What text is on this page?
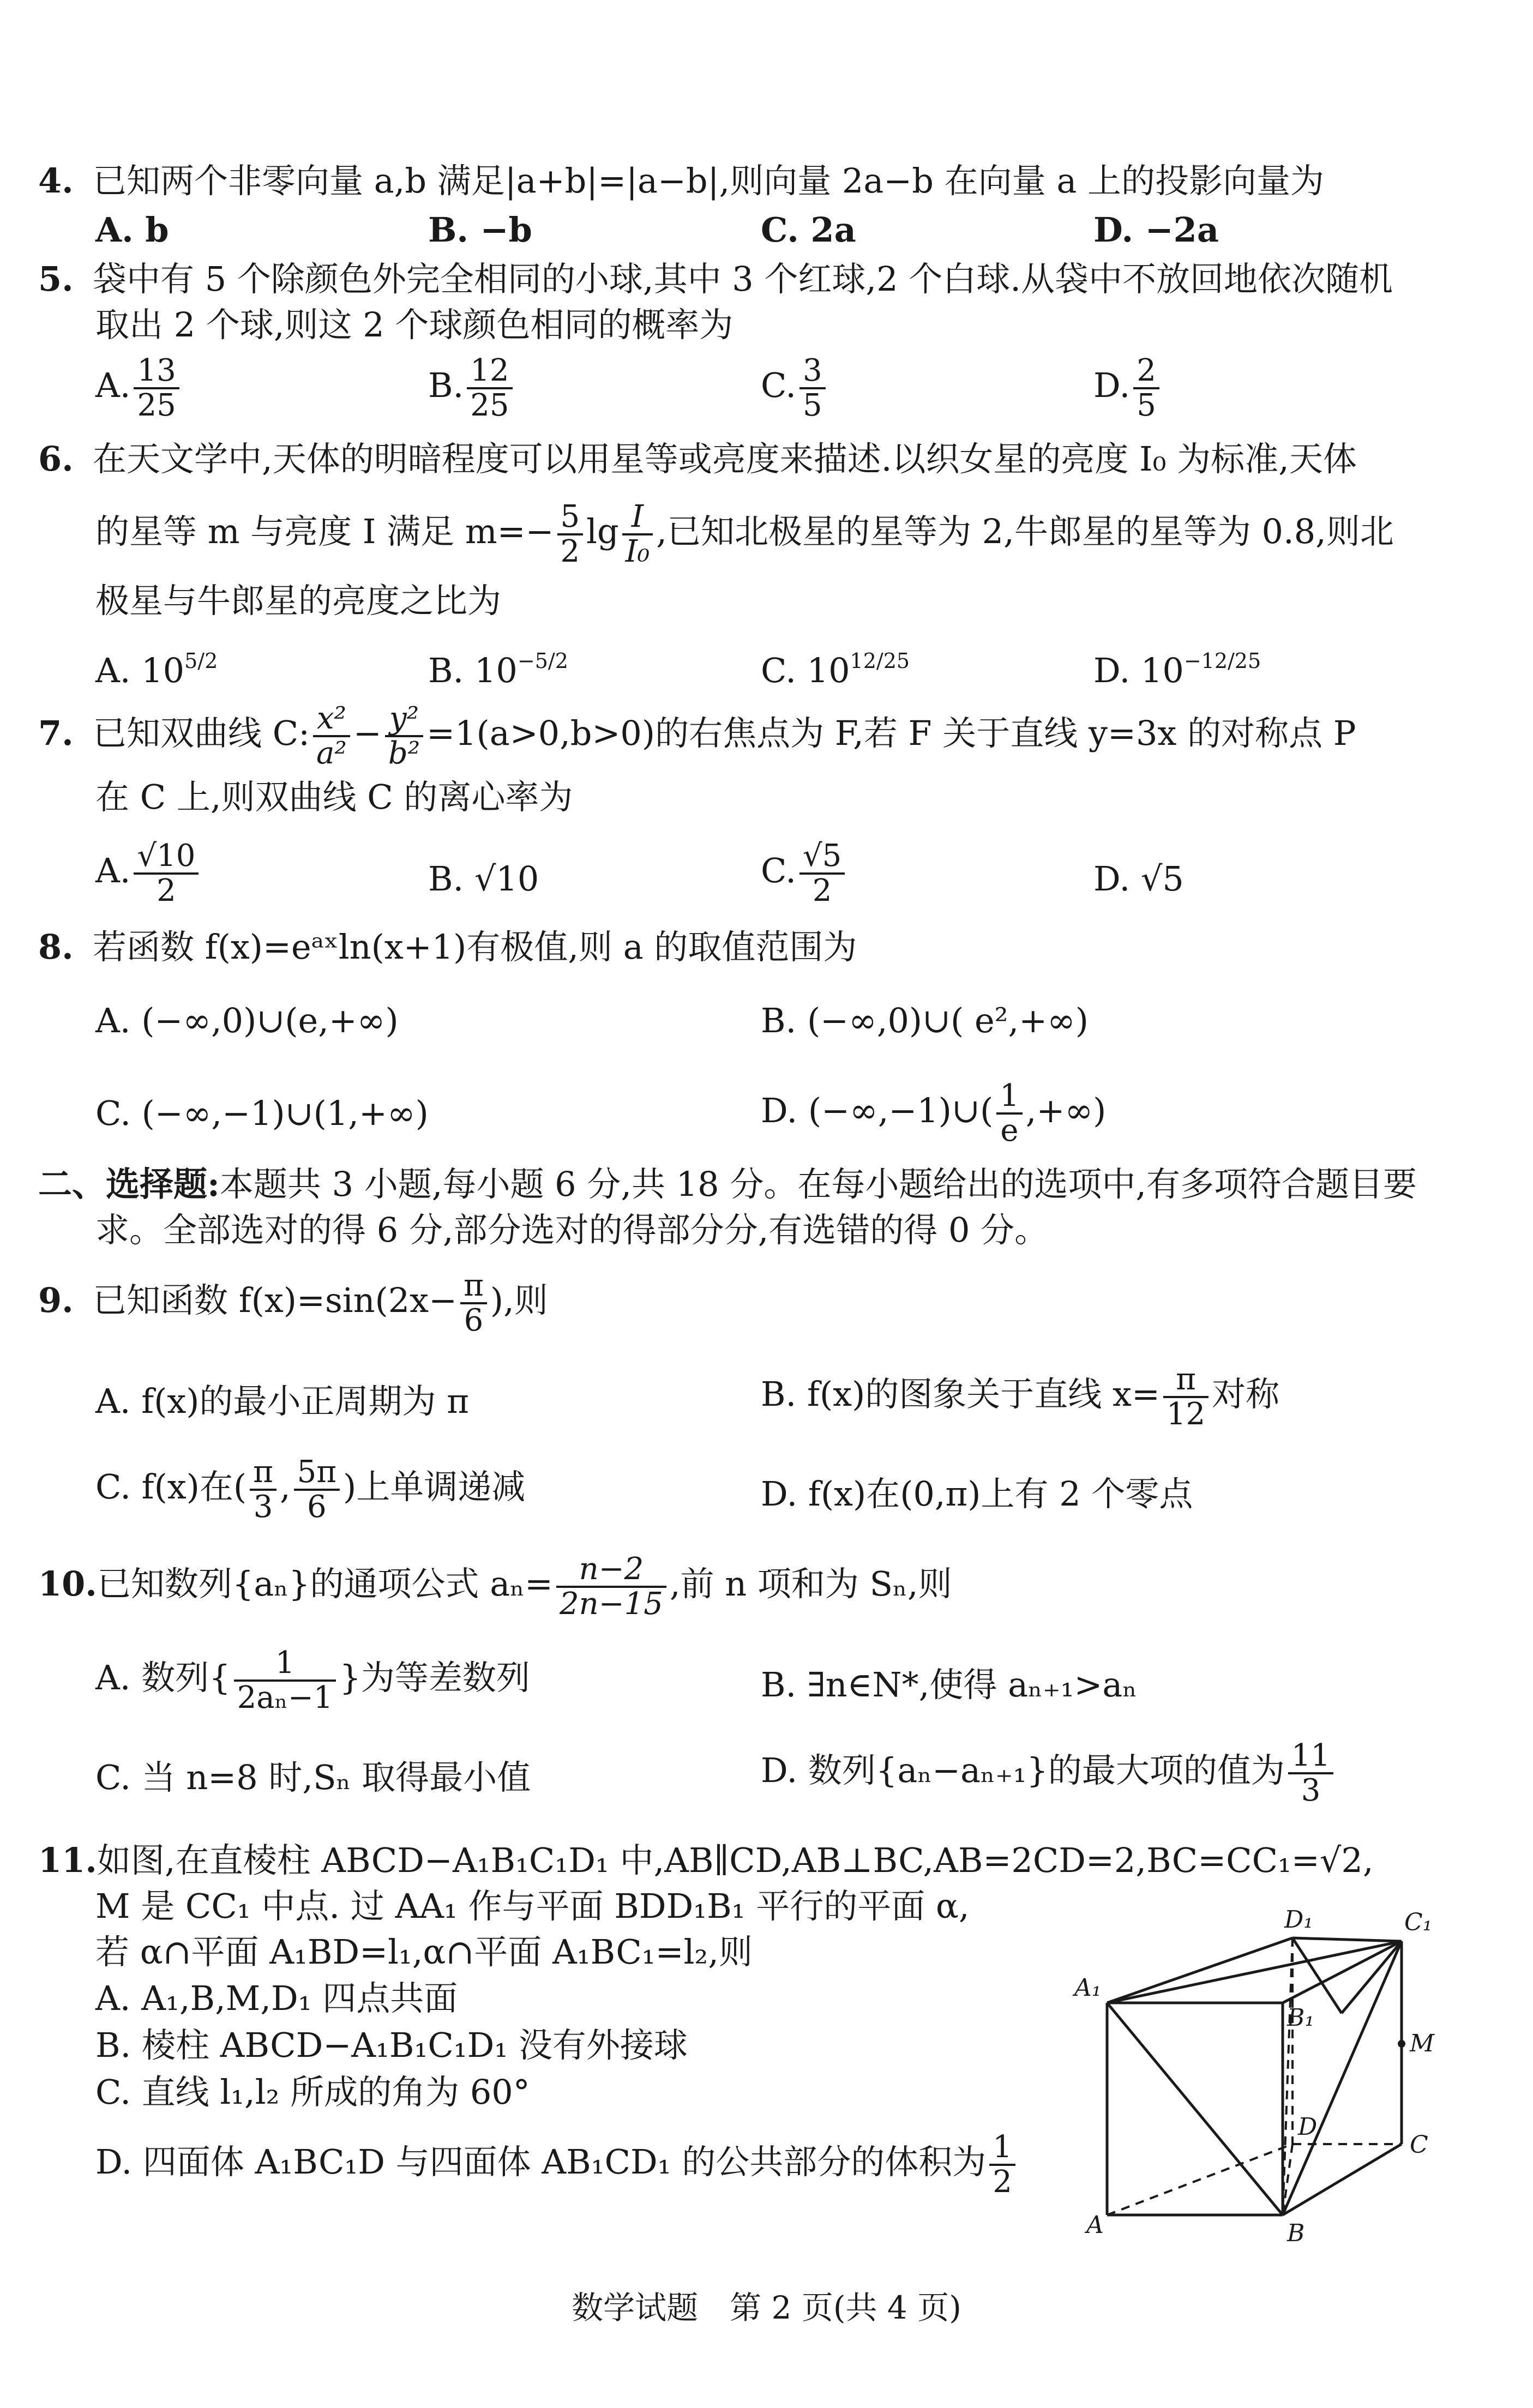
4. 已知两个非零向量 a,b 满足|a+b|=|a−b|,则向量 2a−b 在向量 a 上的投影向量为
A. b	B. −b	C. 2a	D. −2a
5. 袋中有 5 个除颜色外完全相同的小球,其中 3 个红球,2 个白球.从袋中不放回地依次随机
取出 2 个球,则这 2 个球颜色相同的概率为
A. $\frac{13}{25}$	B. $\frac{12}{25}$	C. $\frac{3}{5}$	D. $\frac{2}{5}$
6. 在天文学中,天体的明暗程度可以用星等或亮度来描述.以织女星的亮度 I₀ 为标准,天体
的星等 m 与亮度 I 满足 $m=- \frac{5}{2}$ $\lg \frac{I}{\text{I₀}}$ ,已知北极星的星等为 2,牛郎星的星等为 0.8,则北
极星与牛郎星的亮度之比为
A. $10^{5/2}$	B. $10^{-5/2}$	C. $10^{12/25}$	D. $10^{-12/25}$
7. 已知双曲线 C: $\frac{\text{x²}}{\text{a²}} - \frac{\text{y²}}{\text{b²}} =1(a>0,b>0)$的右焦点为 F,若 F 关于直线 y=3x 的对称点 P
在 C 上,则双曲线 C 的离心率为
A. $\frac{√10}{2}$	B. √10	C. $\frac{√5}{2}$	D. √5
8. 若函数 f(x)=eᵃˣln(x+1)有极值,则 a 的取值范围为
A. (−∞,0)∪(e,+∞)	B. (−∞,0)∪( e²,+∞)
C. (−∞,−1)∪(1,+∞)	D. (−∞,−1)∪( $\frac{1}{e}$ ,+∞)
二、选择题:本题共 3 小题,每小题 6 分,共 18 分。在每小题给出的选项中,有多项符合题目要
求。全部选对的得 6 分,部分选对的得部分分,有选错的得 0 分。
9. 已知函数 $f(x)=\sin(2x- \frac{\pi}{6}$ ),则
A. f(x)的最小正周期为 π	B. f(x)的图象关于直线 $x= \frac{\pi}{12}$ 对称
C. f(x)在( $\frac{\pi}{3}$ , $\frac{5\pi}{6}$ )上单调递减	D. f(x)在(0,π)上有 2 个零点
10.已知数列{aₙ}的通项公式 $a_n= \frac{n-2}{2n-15}$ ,前 n 项和为 Sₙ,则
A. 数列{ $\frac{1}{\text{2aₙ−1}}$ }为等差数列	B. ∃n∈N*,使得 aₙ₊₁>aₙ
C. 当 n=8 时,Sₙ 取得最小值	D. 数列{aₙ−aₙ₊₁}的最大项的值为 $\frac{11}{3}$
11.如图,在直棱柱 ABCD−A₁B₁C₁D₁ 中,AB∥CD,AB⊥BC,AB=2CD=2,BC=CC₁=√2,
M 是 CC₁ 中点. 过 AA₁ 作与平面 BDD₁B₁ 平行的平面 α,
若 α∩平面 A₁BD=l₁,α∩平面 A₁BC₁=l₂,则
A. A₁,B,M,D₁ 四点共面
B. 棱柱 ABCD−A₁B₁C₁D₁ 没有外接球
C. 直线 l₁,l₂ 所成的角为 60°
D. 四面体 A₁BC₁D 与四面体 AB₁CD₁ 的公共部分的体积为 $\frac{1}{2}$
A₁
D₁	C₁
B₁
M
D
C
A	B
数学试题　第 2 页(共 4 页)
